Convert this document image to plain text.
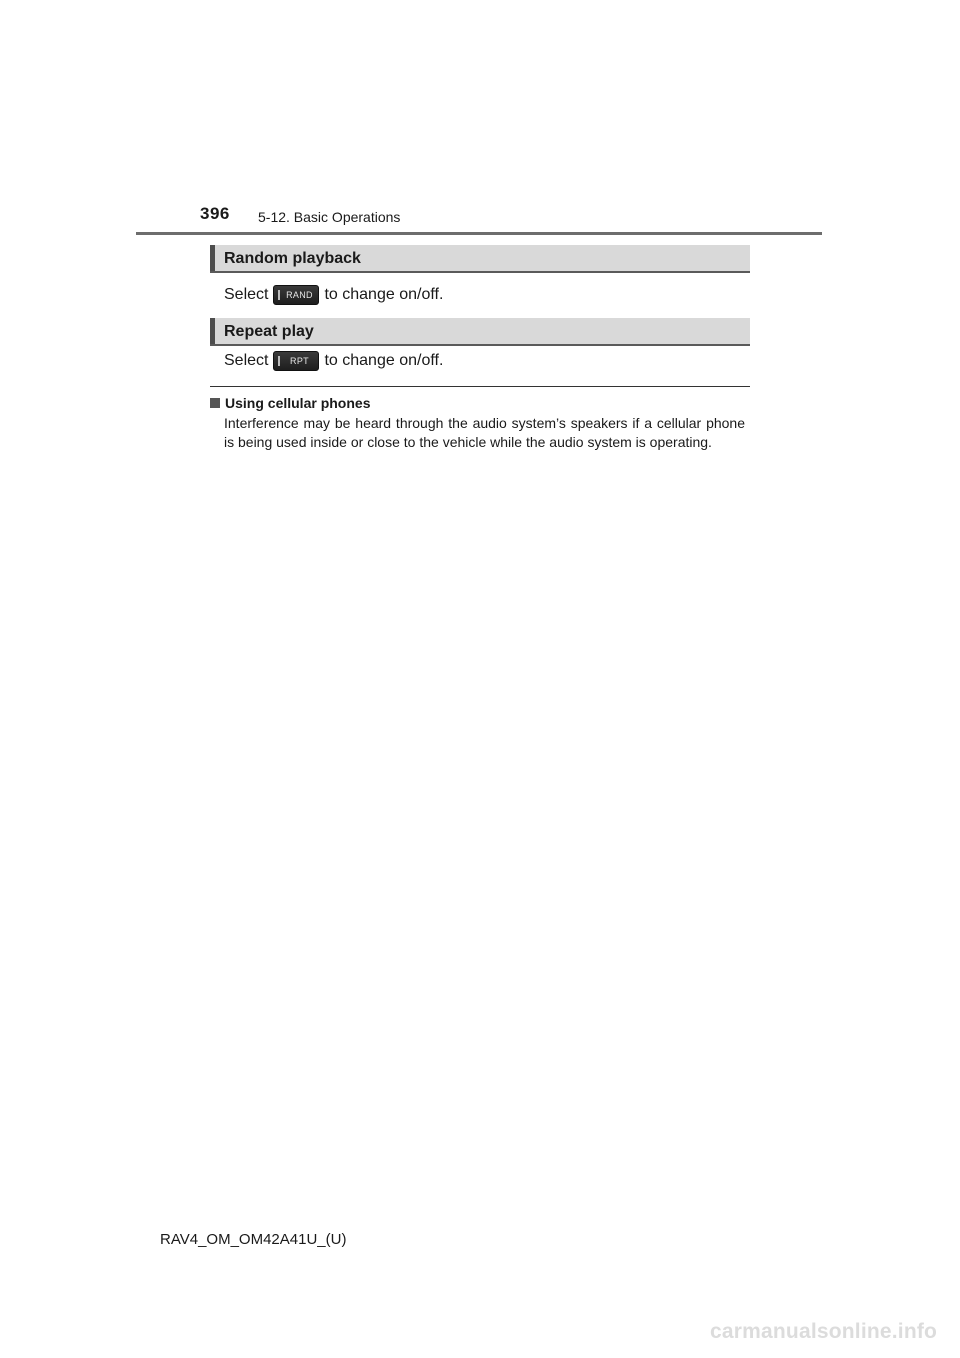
396 5-12. Basic Operations
Random playback
Select RAND to change on/off.
Repeat play
Select RPT to change on/off.
Using cellular phones
Interference may be heard through the audio system’s speakers if a cellular phone is being used inside or close to the vehicle while the audio system is operating.
RAV4_OM_OM42A41U_(U)
carmanualsonline.info
